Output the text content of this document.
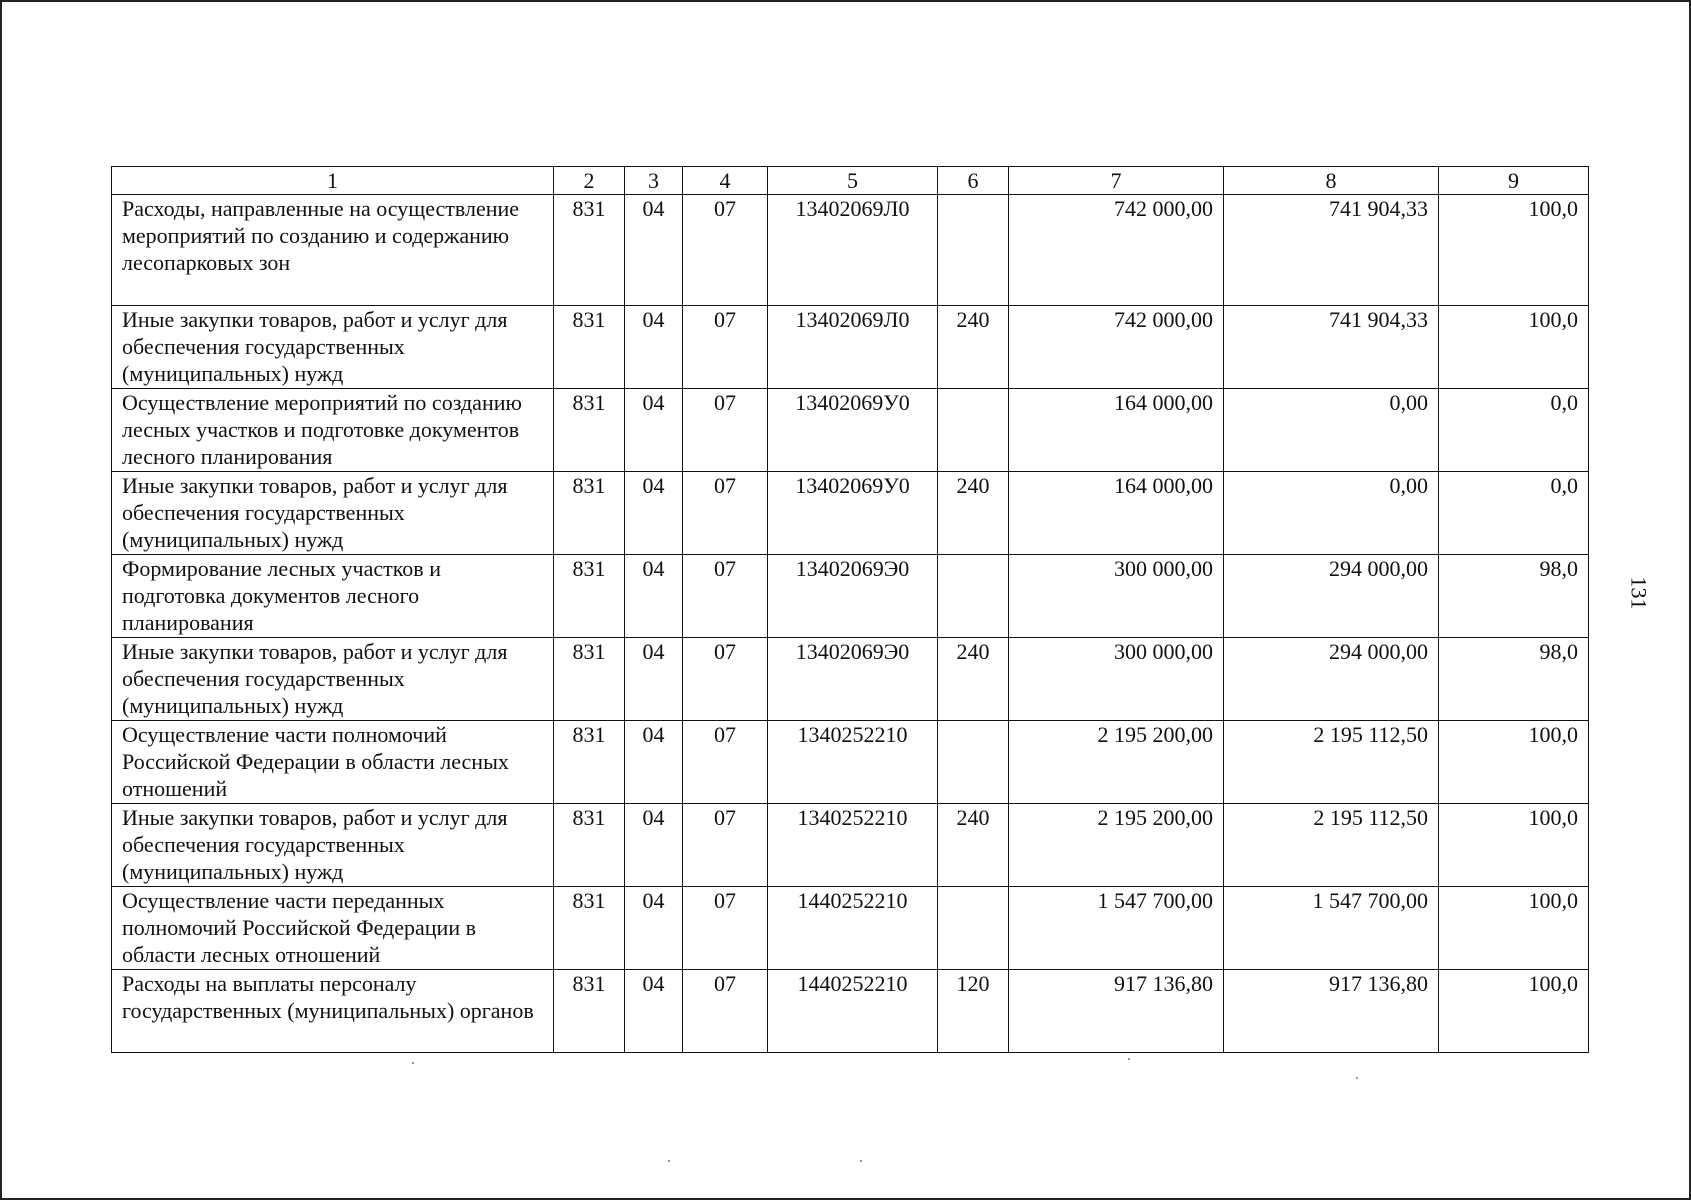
131
1	2	3	4	5	6	7	8	9
Расходы, направленные на осуществление мероприятий по созданию и содержанию лесопарковых зон	831	04	07	13402069Л0		742 000,00	741 904,33	100,0
Иные закупки товаров, работ и услуг для обеспечения государственных (муниципальных) нужд	831	04	07	13402069Л0	240	742 000,00	741 904,33	100,0
Осуществление мероприятий по созданию лесных участков и подготовке документов лесного планирования	831	04	07	13402069У0		164 000,00	0,00	0,0
Иные закупки товаров, работ и услуг для обеспечения государственных (муниципальных) нужд	831	04	07	13402069У0	240	164 000,00	0,00	0,0
Формирование лесных участков и подготовка документов лесного планирования	831	04	07	13402069Э0		300 000,00	294 000,00	98,0
Иные закупки товаров, работ и услуг для обеспечения государственных (муниципальных) нужд	831	04	07	13402069Э0	240	300 000,00	294 000,00	98,0
Осуществление части полномочий Российской Федерации в области лесных отношений	831	04	07	1340252210		2 195 200,00	2 195 112,50	100,0
Иные закупки товаров, работ и услуг для обеспечения государственных (муниципальных) нужд	831	04	07	1340252210	240	2 195 200,00	2 195 112,50	100,0
Осуществление части переданных полномочий Российской Федерации в области лесных отношений	831	04	07	1440252210		1 547 700,00	1 547 700,00	100,0
Расходы на выплаты персоналу государственных (муниципальных) органов	831	04	07	1440252210	120	917 136,80	917 136,80	100,0
